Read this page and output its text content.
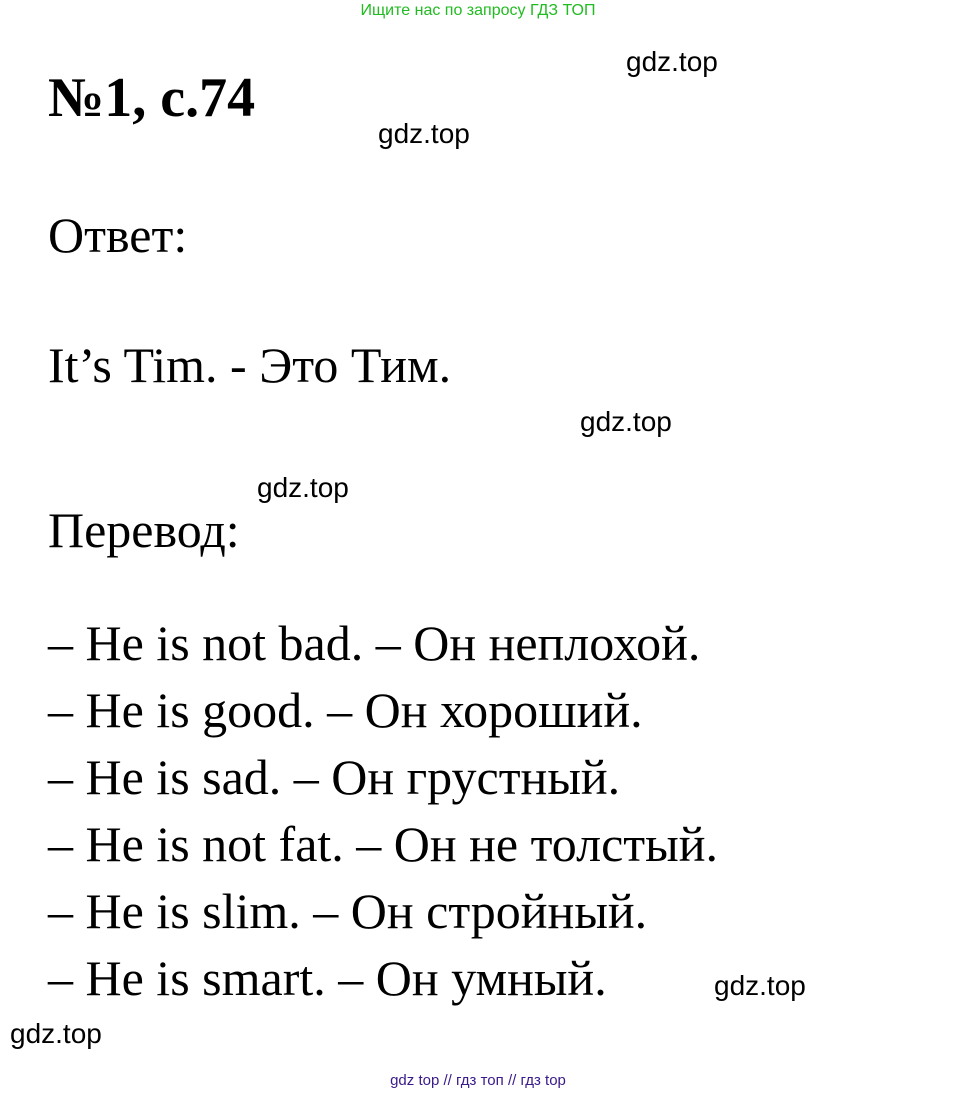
Ищите нас по запросу ГДЗ ТОП
№1, с.74
Ответ:
It’s Tim. - Это Тим.
Перевод:
– He is not bad. – Он неплохой.
– He is good. – Он хороший.
– He is sad. – Он грустный.
– He is not fat. – Он не толстый.
– He is slim. – Он стройный.
– He is smart. – Он умный.
gdz.top
gdz.top
gdz.top
gdz.top
gdz.top
gdz.top
gdz top // гдз топ // гдз top
